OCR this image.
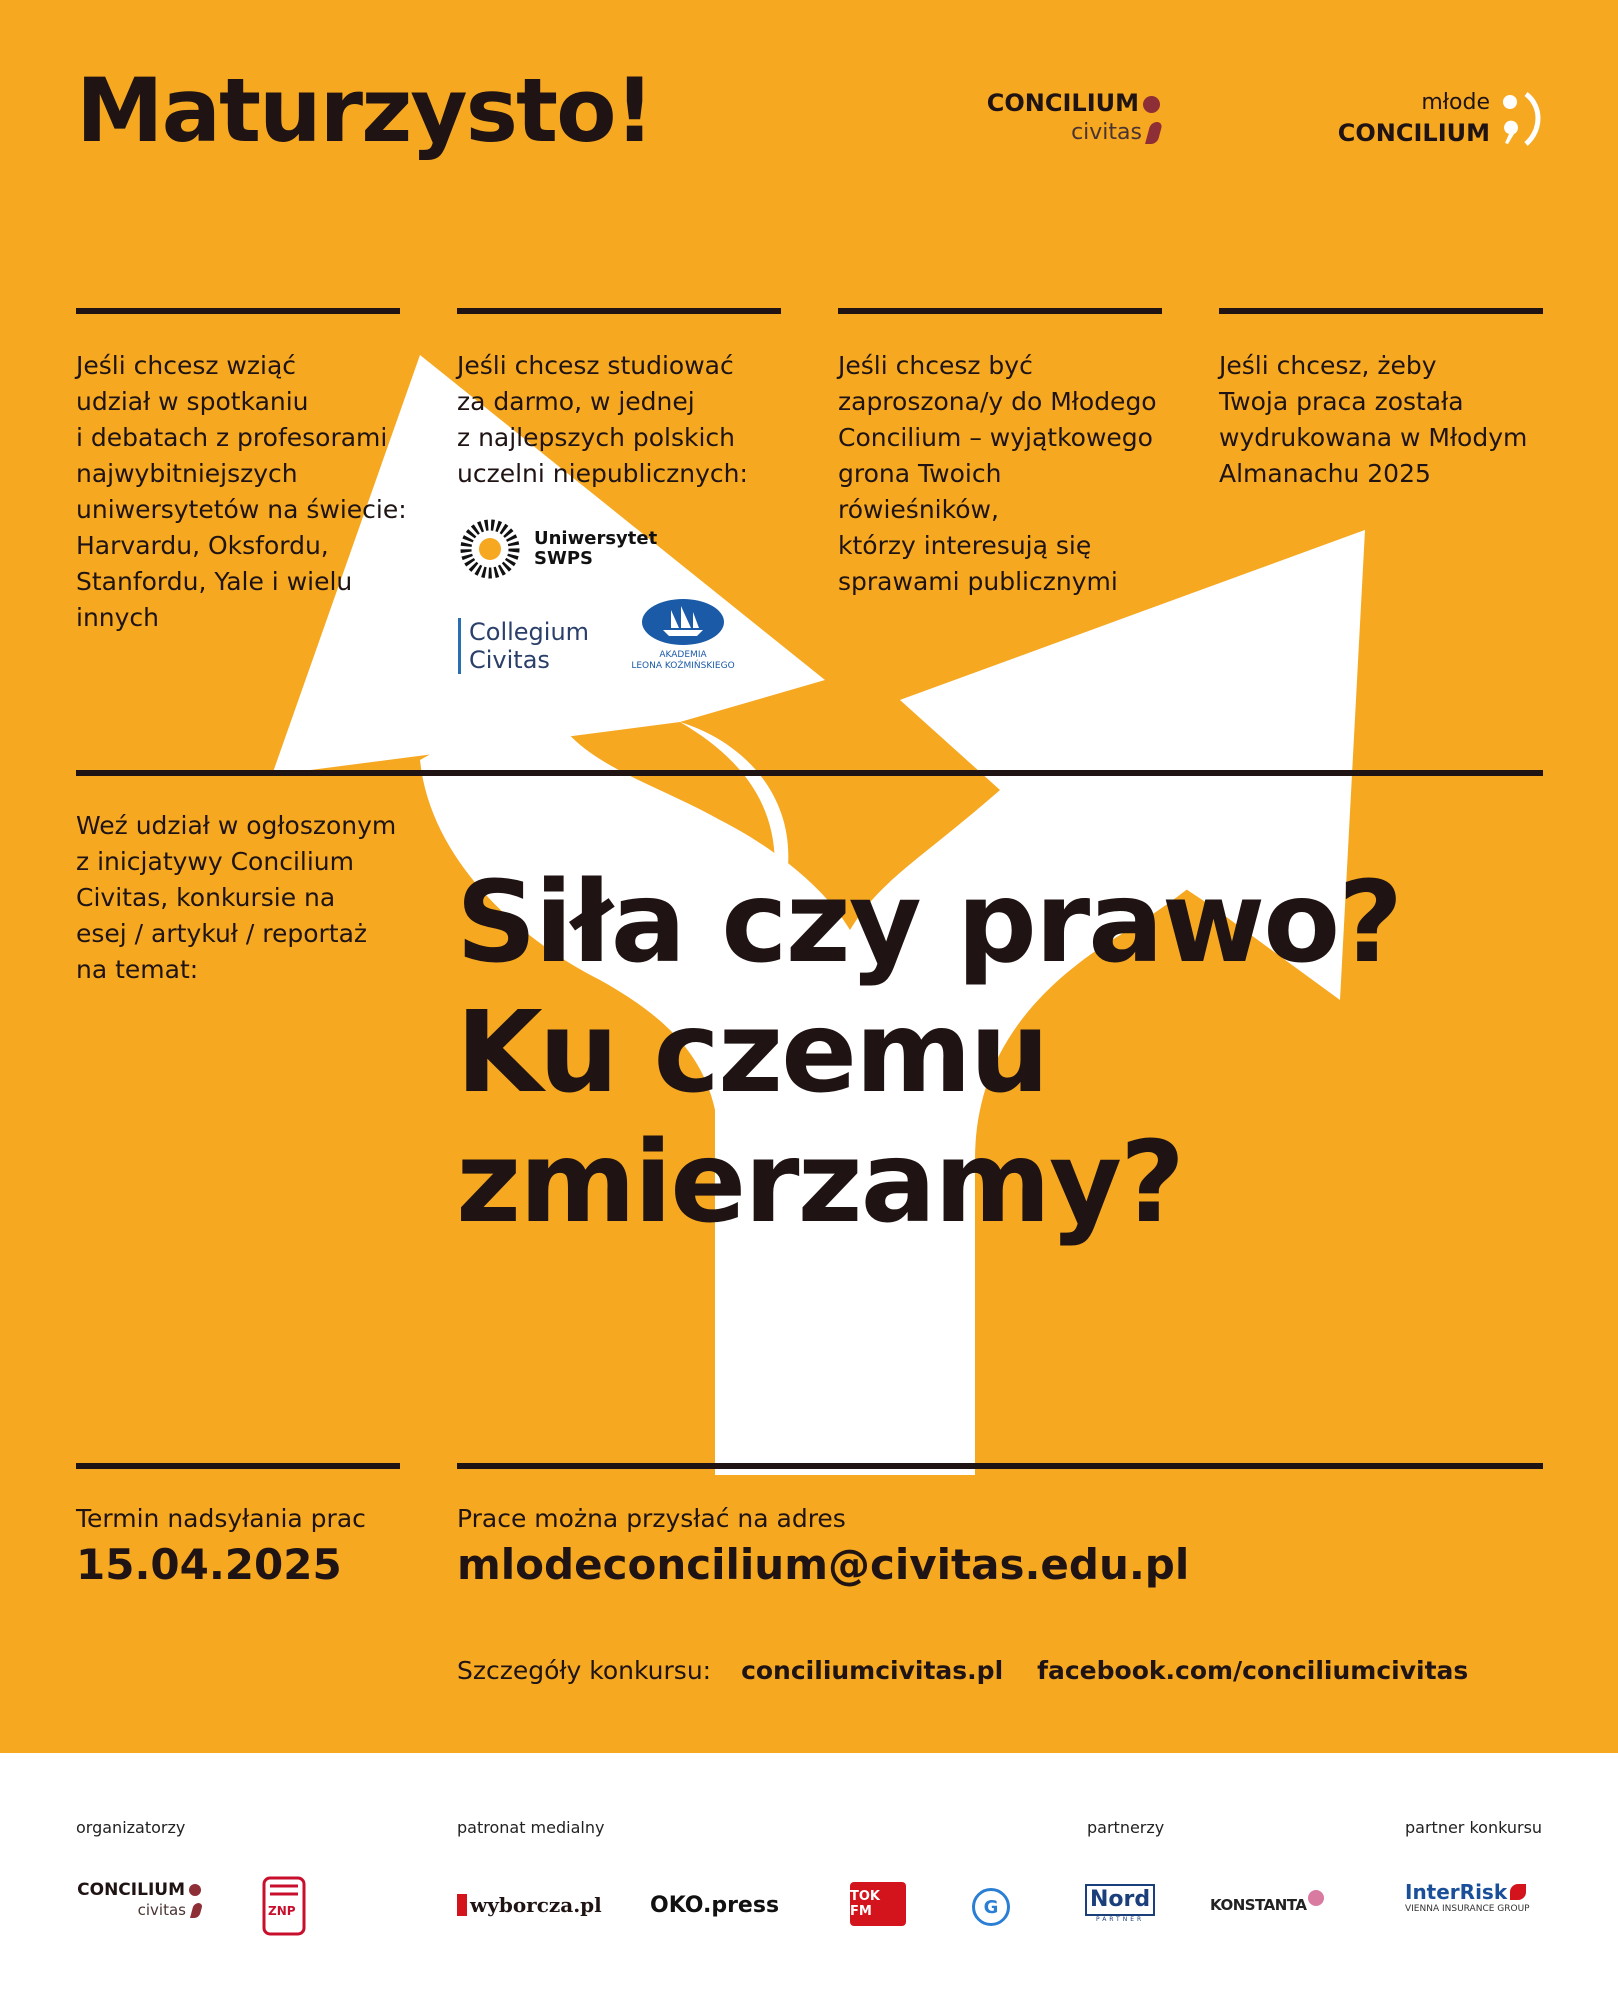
Maturzysto!	CONCILIUM
civitas
młode
CONCILIUM

Jeśli chcesz wziąć
udział w spotkaniu
i debatach z profesorami
najwybitniejszych
uniwersytetów na świecie:
Harvardu, Oksfordu,
Stanfordu, Yale i wielu
innych

Jeśli chcesz studiować
za darmo, w jednej
z najlepszych polskich
uczelni niepublicznych:

Jeśli chcesz być
zaproszona/y do Młodego
Concilium – wyjątkowego
grona Twoich rówieśników,
którzy interesują się
sprawami publicznymi

Jeśli chcesz, żeby
Twoja praca została
wydrukowana w Młodym
Almanachu 2025

Uniwersytet
SWPS
Collegium
Civitas	AKADEMIA
LEONA KOŹMIŃSKIEGO

Weź udział w ogłoszonym
z inicjatywy Concilium
Civitas, konkursie na
esej / artykuł / reportaż
na temat:	Siła czy prawo?
Ku czemu
zmierzamy?

Termin nadsyłania prac
15.04.2025
Prace można przysłać na adres
mlodeconcilium@civitas.edu.pl
Szczegóły konkursu: conciliumcivitas.pl facebook.com/conciliumcivitas
organizatorzy	patronat medialny	partnerzy	partner konkursu
CONCILIUM
civitas	ZNP	wyborcza.pl OKO.press	TOK FM	G	Nord
PARTNER
KONSTANTA
InterRisk
VIENNA INSURANCE GROUP
